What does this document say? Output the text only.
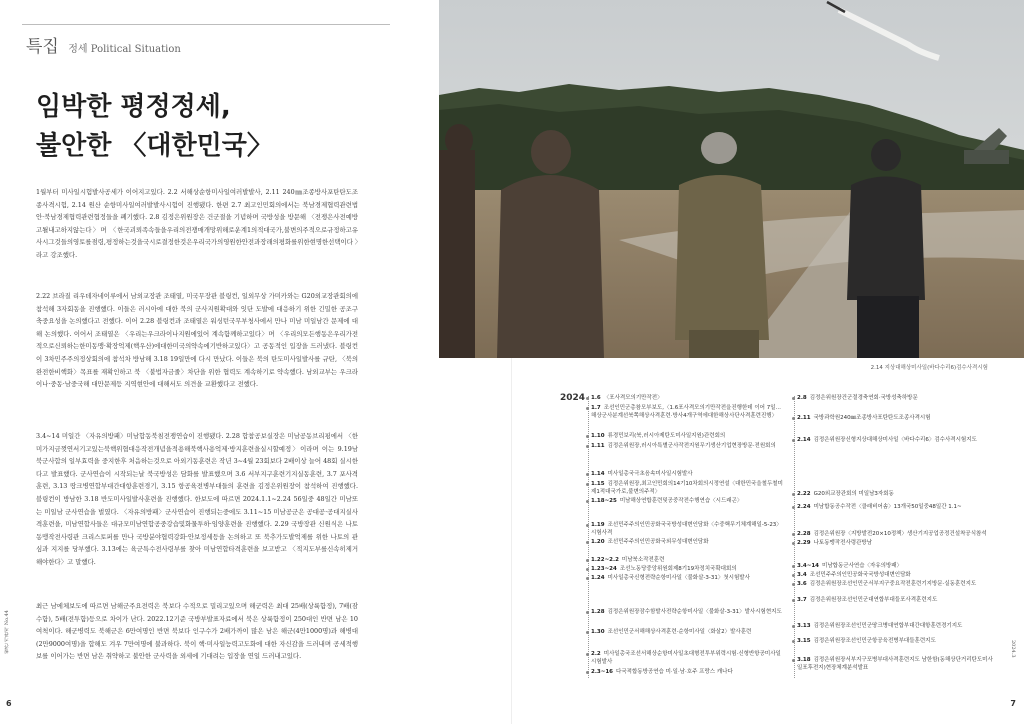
특집 정세 Political Situation
임박한 평정정세,
불안한 〈대한민국〉

1월부터 미사일시험발사공세가 이어지고있다. 2.2 서해상순항미사일여러발발사, 2.11 240㎜조종방사포탄탄도조종사격시험, 2.14 원산 순항미사일여러발발사시험이 진행됐다. 한편 2.7 최고인민회의에서는 북남경제협력관련법안·북남경제협력관련협정들을 폐기했다. 2.8 김정은위원장은 건군절을 기념하며 국방성을 방문해 〈전쟁은사전예방고될내고하지않는다〉며 〈한국괴뢰족속들을우리의전쟁매개망위해로운계1의적대국가,불변의주적으로규정하고유사시그것들의영토를점령,평정하는것을국시로결정한것은우리국가의영원한안전과장래의평화를위한현명한선택이다〉라고 강조했다.

2.22 브라질 리우데자네이루에서 남외교장관 조태열, 미국무장관 블링컨, 일외무상 가미카와는 G20외교장관회의에 참석해 3자회동을 진행했다. 이들은 러시아에 대한 북의 군사지원확대와 잇단 도발에 대응하기 위한 긴밀한 공조구축중요성을 논의했다고 전했다. 이어 2.28 블링컨과 조태열은 워싱턴국무부청사에서 만나 미남 미일남간 문제에 대해 논의했다. 이어서 조태열은 〈우리는우크라이나지원에있어 계속함께하고있다〉며 〈우리의모든행동은우리가전적으로신뢰하는한미동맹·확장억제(핵우산)에대한미국의약속에기반하고있다〉고 공동적인 입장을 드러냈다. 블링컨이 3차민주주의정상회의에 참석차 방남해 3.18 19일만에 다시 만났다. 이들은 북의 탄도미사일발사를 규탄, 〈북의완전한비핵화〉목표를 재확인하고 북 〈불법자금줄〉차단을 위한 협력도 계속하기로 약속했다. 남외교부는 우크라이나·중동·남중국해 대만문제등 지역현안에 대해서도 의견을 교환했다고 전했다.

3.4~14 미일간 〈자유의방패〉미남합동북침전쟁연습이 진행됐다. 2.28 합참공보실장은 미남공동브리핑에서 〈한미가지금껏연서기고있는북핵위협대응작전개념을적용해북핵사용억제·방지훈련을실시할예정〉이라며 이는 9.19남북군사합의 일부효력을 중지한후 처음하는것으로 아외기동훈련은 작년 3~4월 23회보다 2배이상 늘어 48회 실시한다고 발표했다. 군사연습이 시작되는날 북국방성은 담화를 발표했으며 3.6 서부지구훈련기지실동훈련, 3.7 포사격훈련, 3.13 땅크병연합부대간대항훈련경기, 3.15 항공육전병부대들의 훈련을 김정은위원장이 참석하여 진행했다. 블링컨이 방남한 3.18 반도미사일발사훈련을 진행했다. 한보도에 따르면 2024.1.1~2.24 56일중 48일간 미남또는 미일남 군사연습을 벌였다. 〈자유의방패〉군사연습이 진행되는중에도 3.11~15 미남공군은 공대공·공대지실사격훈련을, 미남연합사들은 대규모미남연합공중강습및화물투하·임양훈련을 진행했다. 2.29 국방장관 신원식은 나토동맹작전사령관 크리스토퍼를 만나 국방분야협력강화·안보정세등을 논의하고 또 북추가도발억제를 위한 나토의 관심과 지지를 당부했다. 3.13에는 육군특수전사령부를 찾아 미남연합타격훈련을 보고받고 〈적지도부를신속히제거해야한다〉고 말했다.

최근 남에체보도에 따르면 남해군주요전력은 북보다 수적으로 밀리고있으며 해군력은 최대 25배(상륙함정), 7배(잠수함), 5배(전투함)등으로 차이가 난다. 2022.12기준 국방부발표자료에서 북은 상륙함정이 250대인 반면 남은 10여척이다. 해군병력도 북해군은 6만여명인 반면 북보다 인구수가 2배가까이 많은 남은 해군(4만1000명)과 해병대(2만9000여명)을 합해도 겨우 7만여명에 불과하다. 북이 핵·미사일능력고도화에 대한 자신감을 드러내며 공세적행보를 이어가는 반면 남은 취약하고 불안한 군사력을 외세에 기대려는 입장을 연일 드러내고있다.

월간 기관지 No.44
6
2.14 지상대해상미사일(바다수리6)검수사격시험
2024 1.6 〈포사격모의기만작전〉
1.7 조선인민군총참모부보도,〈1.6포사격모의기만작전을진행한데 이어 7일…해상군사분계선북쪽해상사격훈련·방사4개구역에대한해상사단사격훈련진행〉
1.10 류경민보리(북,러시아제탄도미사일지원)관련회의
1.11 김정은위원장,러시아특별군사작전지원무기생산기업현장방문·전원회의
1.14 미사일총국극초음속미사일시험발사
1.15 김정은위원장,최고인민회의14기10차회의시정연설〈대한민국을철두철미제1적대국가로,불변의주적〉
1.18~25 미남해상연합훈련및공중작전수행연습〈시드래곤〉
1.19 조선민주주의인민공화국국방성대변인담화〈수중핵무기체계해일-5-23〉시험사격
1.20 조선민주주의인민공화국외무성대변인담화
1.22~2.2 미남북소작전훈련
1.23~24 조선노동당중앙위원회제8기19차정치국확대회의
1.24 미사일총국신형전략순항미사일〈불화살-3-31〉첫시험발사
1.28 김정은위원장잠수함발사전략순항미사일〈불화살-3-31〉발사시험현지도
1.30 조선인민군서해해상사격훈련·순항미사일〈화살2〉발사훈련
2.2 미사일총국조선서해상순항미사일초대형전투부위력시험·신형반항공미사일시험발사
2.3~16 다국적합동방공연습 미·일·남·호주 프랑스 캐나다
2.8 김정은위원장건군절경축연회·국방성축하방문
2.11 국방과학원240㎜조종방사포탄탄도조종사격시험
2.14 김정은위원장신형지상대해상미사일〈바다수리6〉검수사격시험지도
2.22 G20외교장관회의 미일남3자회동
2.24 미남합동공수작전〈클래비어솜〉13개국50일중48일간 1.1~
2.28 김정은위원장〈지방발전20×10정책〉생산기지공업공정건설착공식참석
2.29 나토동맹작전사령관방남
3.4~14 미남합동군사연습〈자유의방패〉
3.4 조선민주주의인민공화국국방성대변인담화
3.6 김정은위원장조선인민군서부지구중요작전훈련기지방문·실동훈련지도
3.7 김정은위원장조선인민군대연합부대들포사격훈련지도
3.13 김정은위원장조선인민군땅크병대연합부대간대항훈련경기지도
3.15 김정은위원장조선인민군항공육전병부대들훈련지도
3.18 김정은위원장서부지구포병부대사격훈련지도 남한함(동해상단거리탄도미사일포후전지)현장체계분석발표
2024.3
7
